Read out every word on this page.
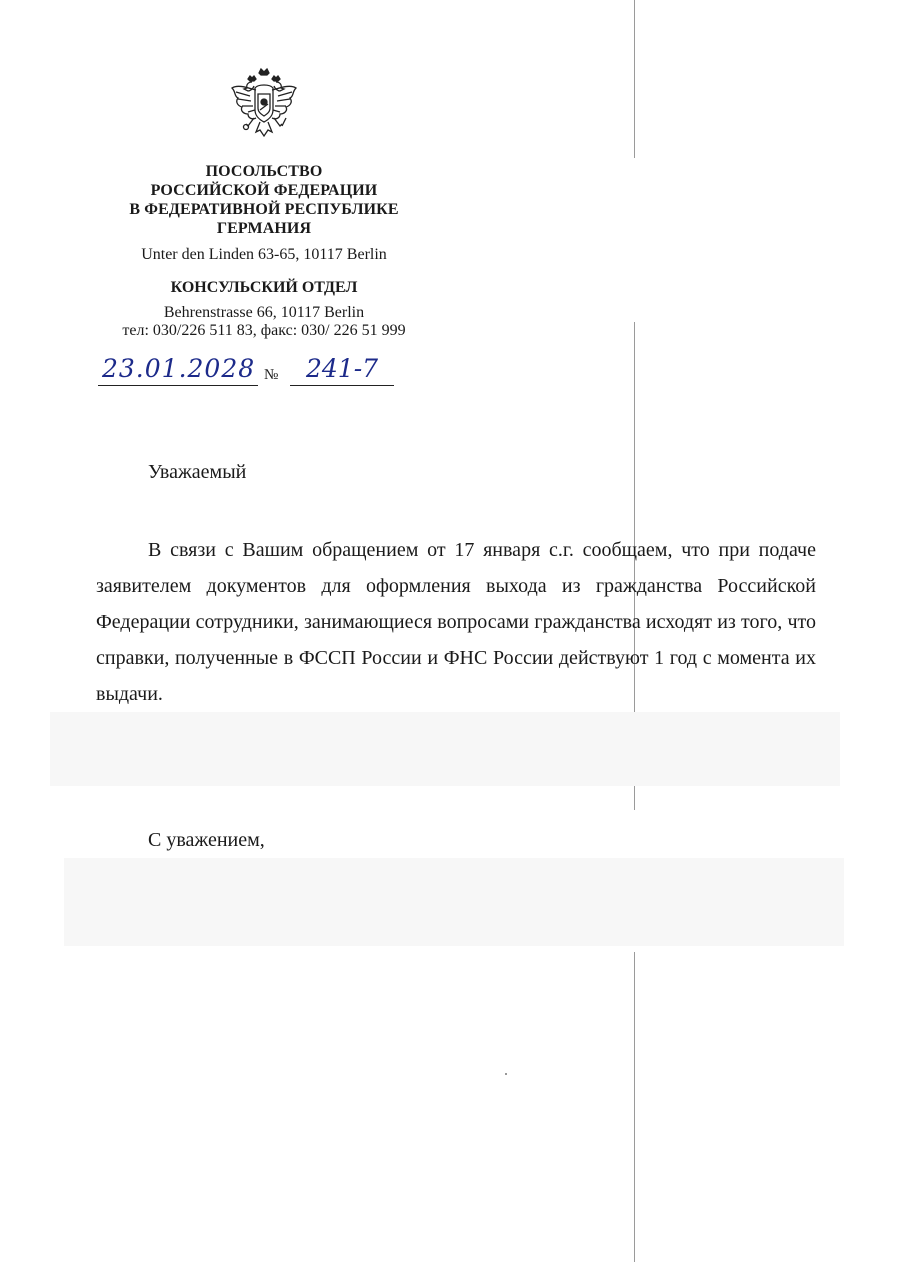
ПОСОЛЬСТВО
РОССИЙСКОЙ ФЕДЕРАЦИИ
В ФЕДЕРАТИВНОЙ РЕСПУБЛИКЕ
ГЕРМАНИЯ
Unter den Linden 63-65, 10117 Berlin
КОНСУЛЬСКИЙ ОТДЕЛ
Behrenstrasse 66, 10117 Berlin
тел: 030/226 511 83, факс: 030/ 226 51 999
23.01.2028 №	241-7
Уважаемый

В связи с Вашим обращением от 17 января с.г. сообщаем, что при подаче заявителем документов для оформления выхода из гражданства Российской Федерации сотрудники, занимающиеся вопросами гражданства исходят из того, что справки, полученные в ФССП России и ФНС России действуют 1 год с момента их выдачи.

С уважением,
